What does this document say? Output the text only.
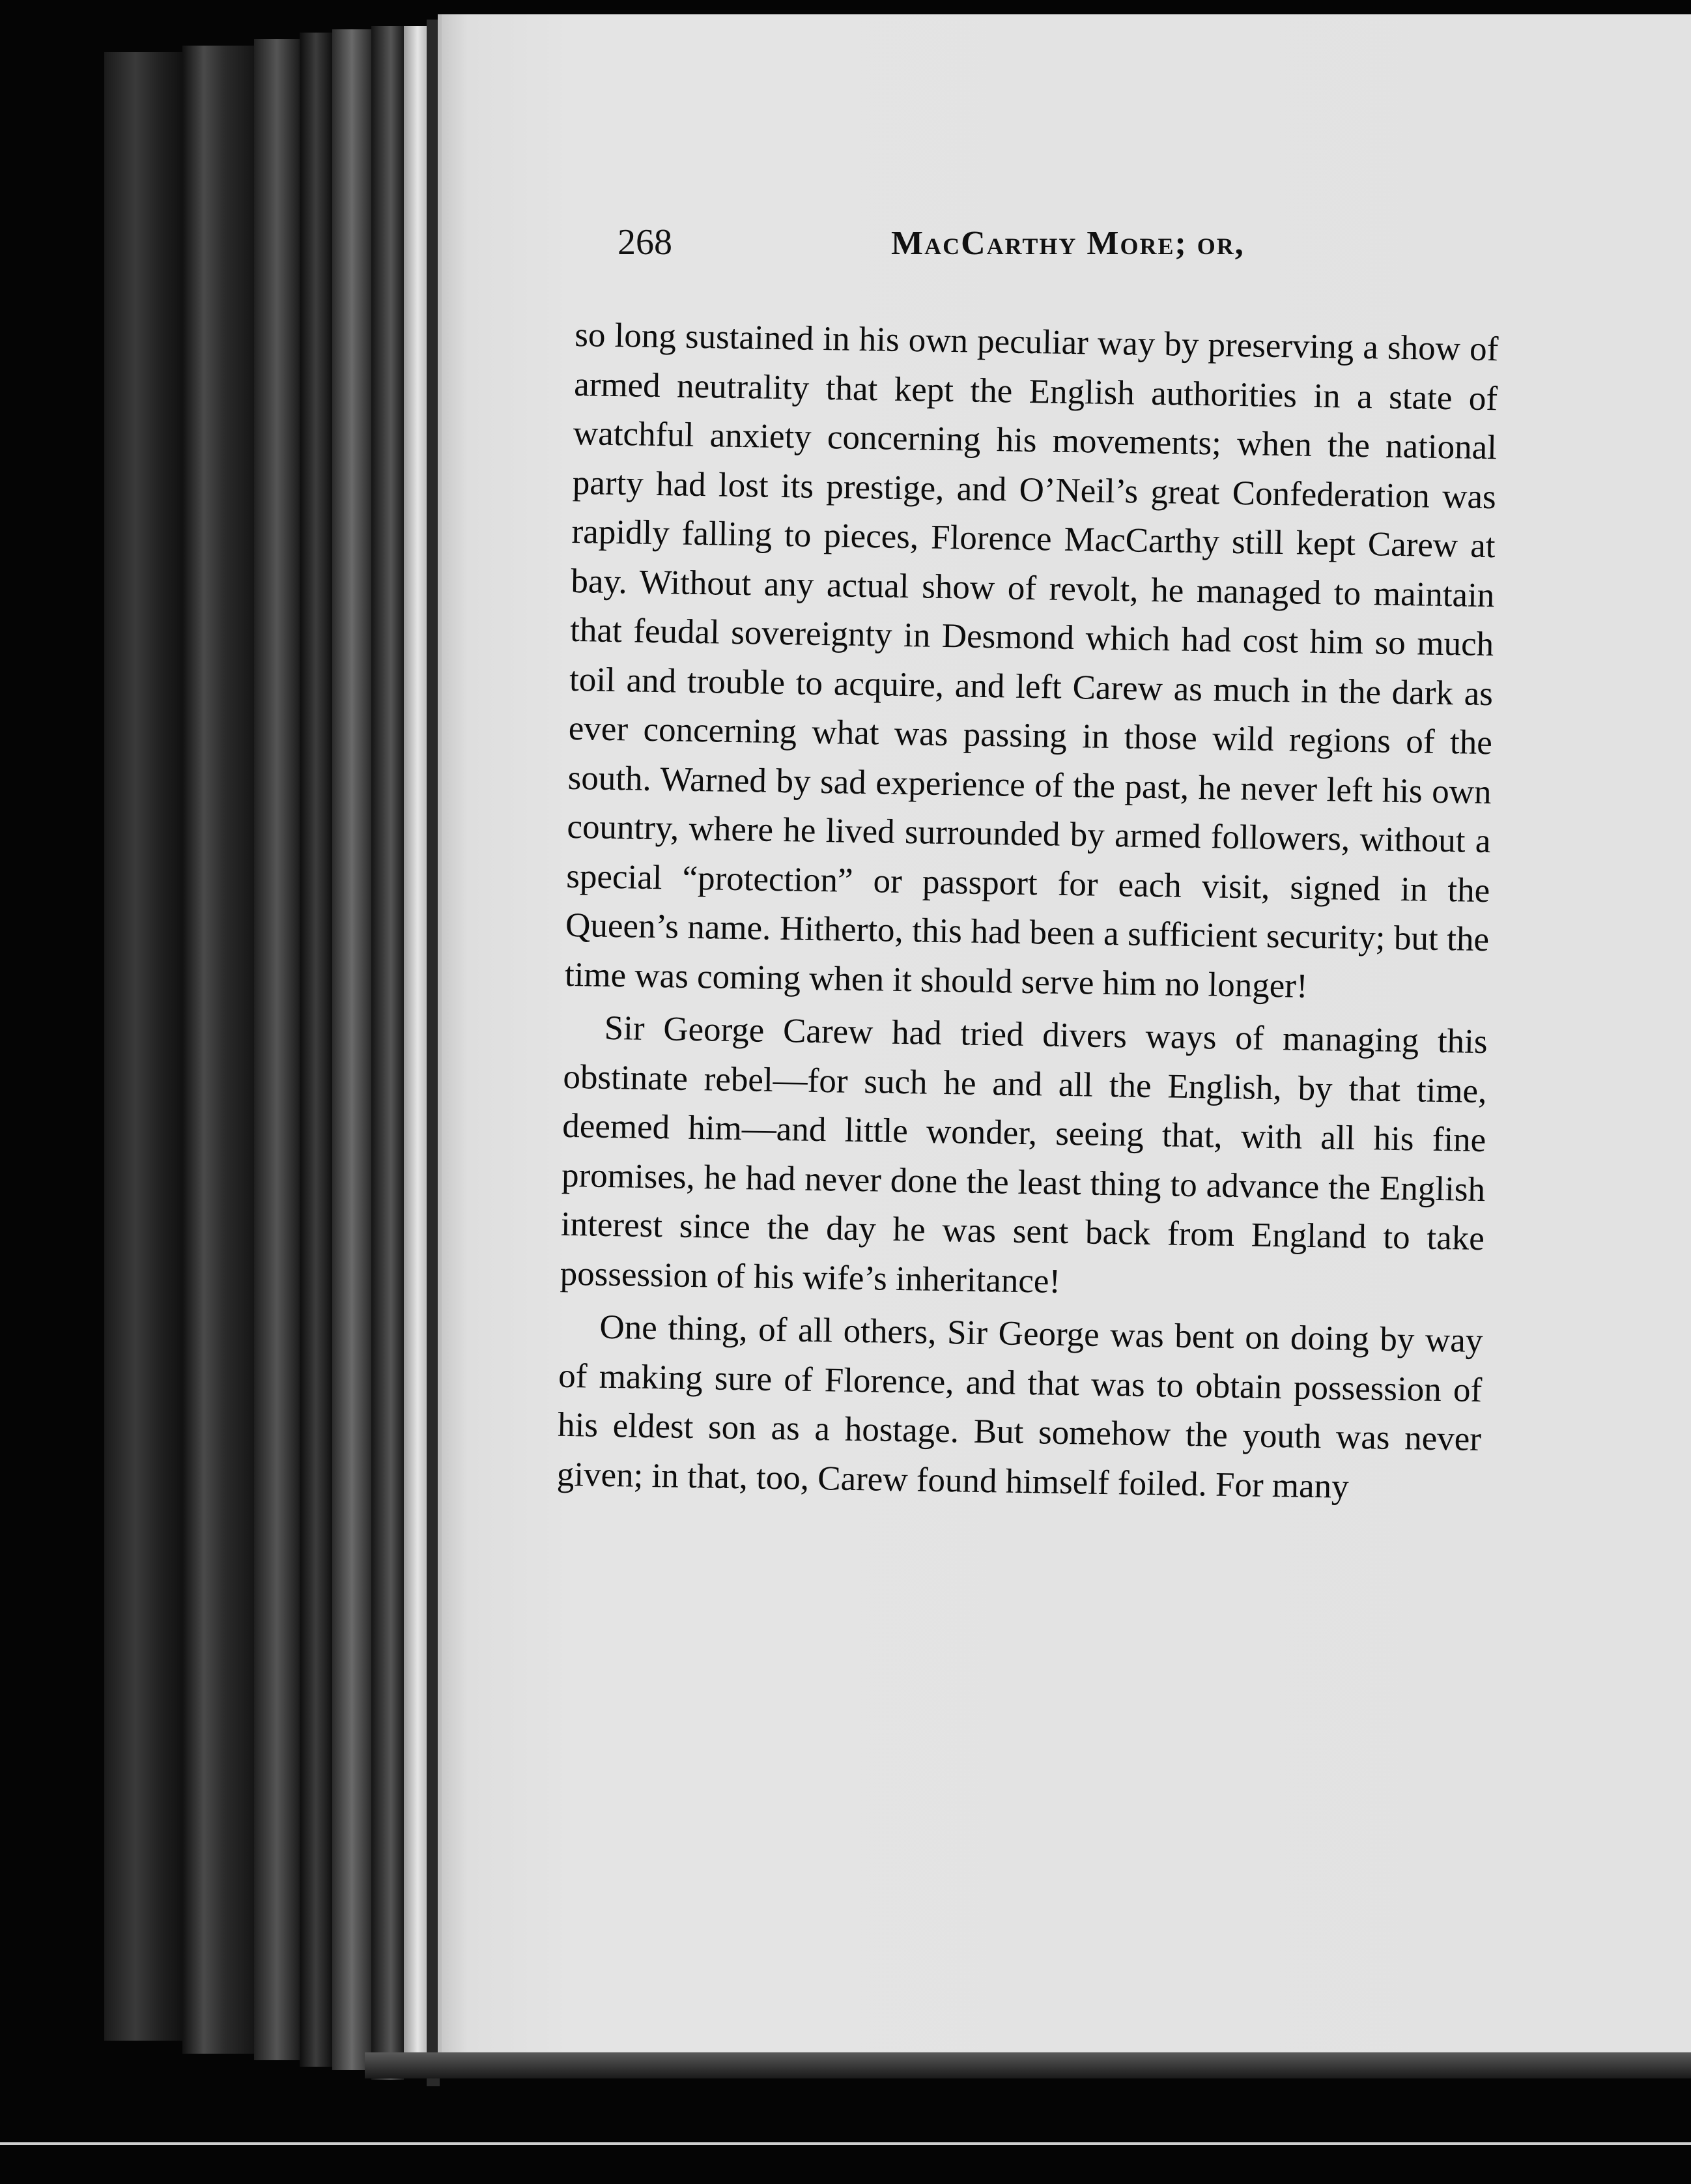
268	MacCarthy More; or,

so long sustained in his own peculiar way by preserving a show of armed neutrality that kept the English authorities in a state of watchful anxiety concerning his movements; when the national party had lost its prestige, and O’Neil’s great Confederation was rapidly falling to pieces, Florence MacCarthy still kept Carew at bay. Without any actual show of revolt, he managed to maintain that feudal sovereignty in Desmond which had cost him so much toil and trouble to acquire, and left Carew as much in the dark as ever concerning what was passing in those wild regions of the south. Warned by sad experience of the past, he never left his own country, where he lived surrounded by armed followers, without a special “protection” or passport for each visit, signed in the Queen’s name. Hitherto, this had been a sufficient security; but the time was coming when it should serve him no longer!

Sir George Carew had tried divers ways of managing this obstinate rebel—for such he and all the English, by that time, deemed him—and little wonder, seeing that, with all his fine promises, he had never done the least thing to advance the English interest since the day he was sent back from England to take possession of his wife’s inheritance!

One thing, of all others, Sir George was bent on doing by way of making sure of Florence, and that was to obtain possession of his eldest son as a hostage. But somehow the youth was never given; in that, too, Carew found himself foiled. For many
